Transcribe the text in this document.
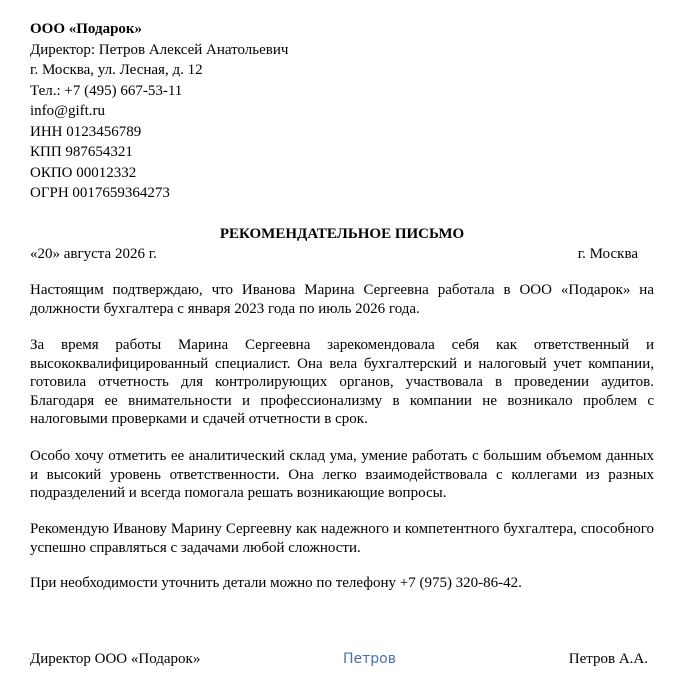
ООО «Подарок»
Директор: Петров Алексей Анатольевич
г. Москва, ул. Лесная, д. 12
Тел.: +7 (495) 667-53-11
info@gift.ru
ИНН 0123456789
КПП 987654321
ОКПО 00012332
ОГРН 0017659364273
РЕКОМЕНДАТЕЛЬНОЕ ПИСЬМО
«20» августа 2026 г.	г. Москва

Настоящим подтверждаю, что Иванова Марина Сергеевна работала в ООО «Подарок» на должности бухгалтера с января 2023 года по июль 2026 года.

За время работы Марина Сергеевна зарекомендовала себя как ответственный и высококвалифицированный специалист. Она вела бухгалтерский и налоговый учет компании, готовила отчетность для контролирующих органов, участвовала в проведении аудитов. Благодаря ее внимательности и профессионализму в компании не возникало проблем с налоговыми проверками и сдачей отчетности в срок.

Особо хочу отметить ее аналитический склад ума, умение работать с большим объемом данных и высокий уровень ответственности. Она легко взаимодействовала с коллегами из разных подразделений и всегда помогала решать возникающие вопросы.

Рекомендую Иванову Марину Сергеевну как надежного и компетентного бухгалтера, способного успешно справляться с задачами любой сложности.

При необходимости уточнить детали можно по телефону +7 (975) 320-86-42.

Директор ООО «Подарок»	Петров	Петров А.А.
